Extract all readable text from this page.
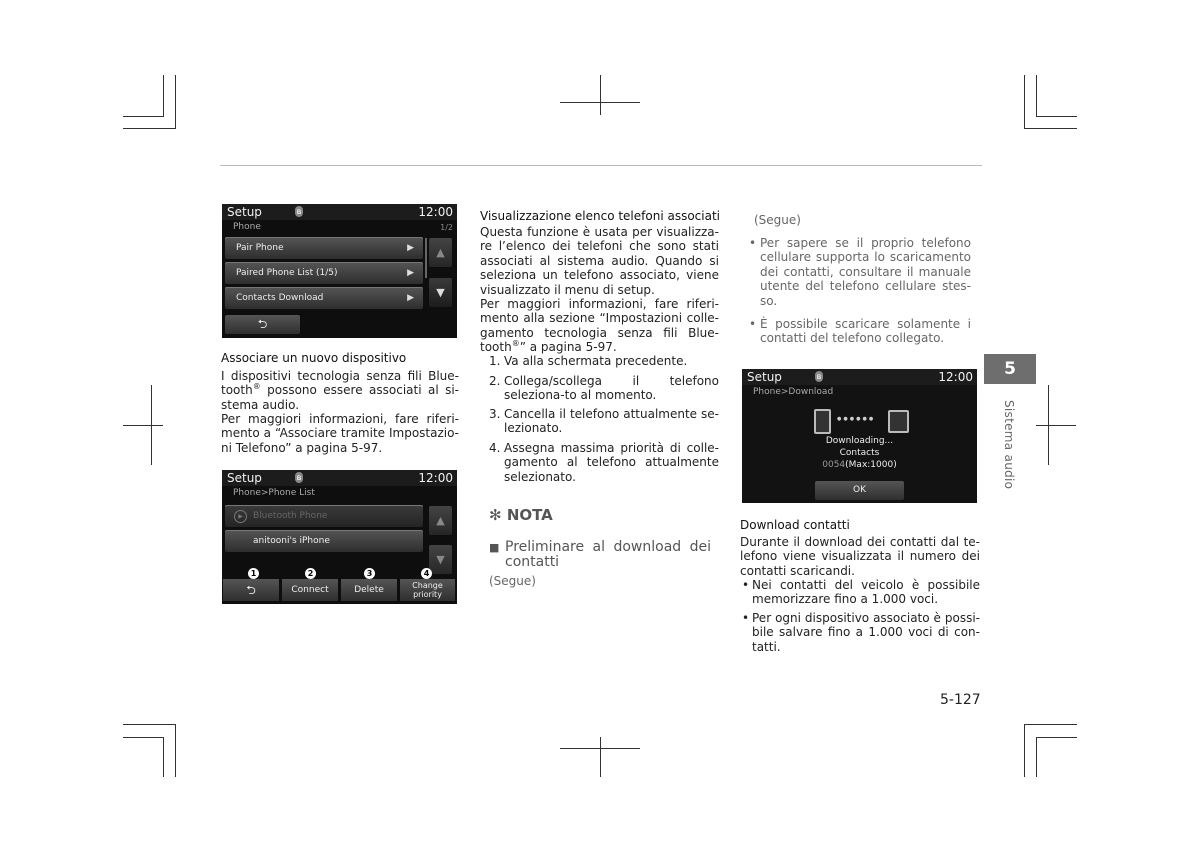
Setup	ʙ	12:00
Phone	1/2
Pair Phone	▶
Paired Phone List (1/5)	▶
Contacts Download	▶
▲
▼
⮌
Associare un nuovo dispositivo
I dispositivi tecnologia senza fili Blue-tooth® possono essere associati al si-stema audio.
Per maggiori informazioni, fare riferi-mento a “Associare tramite Impostazio-ni Telefono” a pagina 5-97.
Setup	ʙ	12:00
Phone>Phone List
▶	Bluetooth Phone
anitooni's iPhone
▲
▼
1	2	3	4
⮌	Connect	Delete	Change priority
Visualizzazione elenco telefoni associati
Questa funzione è usata per visualizza-re l’elenco dei telefoni che sono stati associati al sistema audio. Quando si seleziona un telefono associato, viene visualizzato il menu di setup.
Per maggiori informazioni, fare riferi-mento alla sezione “Impostazioni colle-gamento tecnologia senza fili Blue-tooth®” a pagina 5-97.
1. Va alla schermata precedente.
2. Collega/scollega il telefono seleziona-to al momento.
3. Cancella il telefono attualmente se-lezionato.
4. Assegna massima priorità di colle-gamento al telefono attualmente selezionato.
✻ NOTA
■ Preliminare al download dei contatti
(Segue)
(Segue)
• Per sapere se il proprio telefono cellulare supporta lo scaricamento dei contatti, consultare il manuale utente del telefono cellulare stes-so.
• È possibile scaricare solamente i contatti del telefono collegato.
Setup	ʙ	12:00
Phone>Download
●●●●●●
Downloading...
Contacts
0054(Max:1000)
OK
Download contatti
Durante il download dei contatti dal te-lefono viene visualizzata il numero dei contatti scaricandi.
• Nei contatti del veicolo è possibile memorizzare fino a 1.000 voci.
• Per ogni dispositivo associato è possi-bile salvare fino a 1.000 voci di con-tatti.
5
Sistema audio
5-127
